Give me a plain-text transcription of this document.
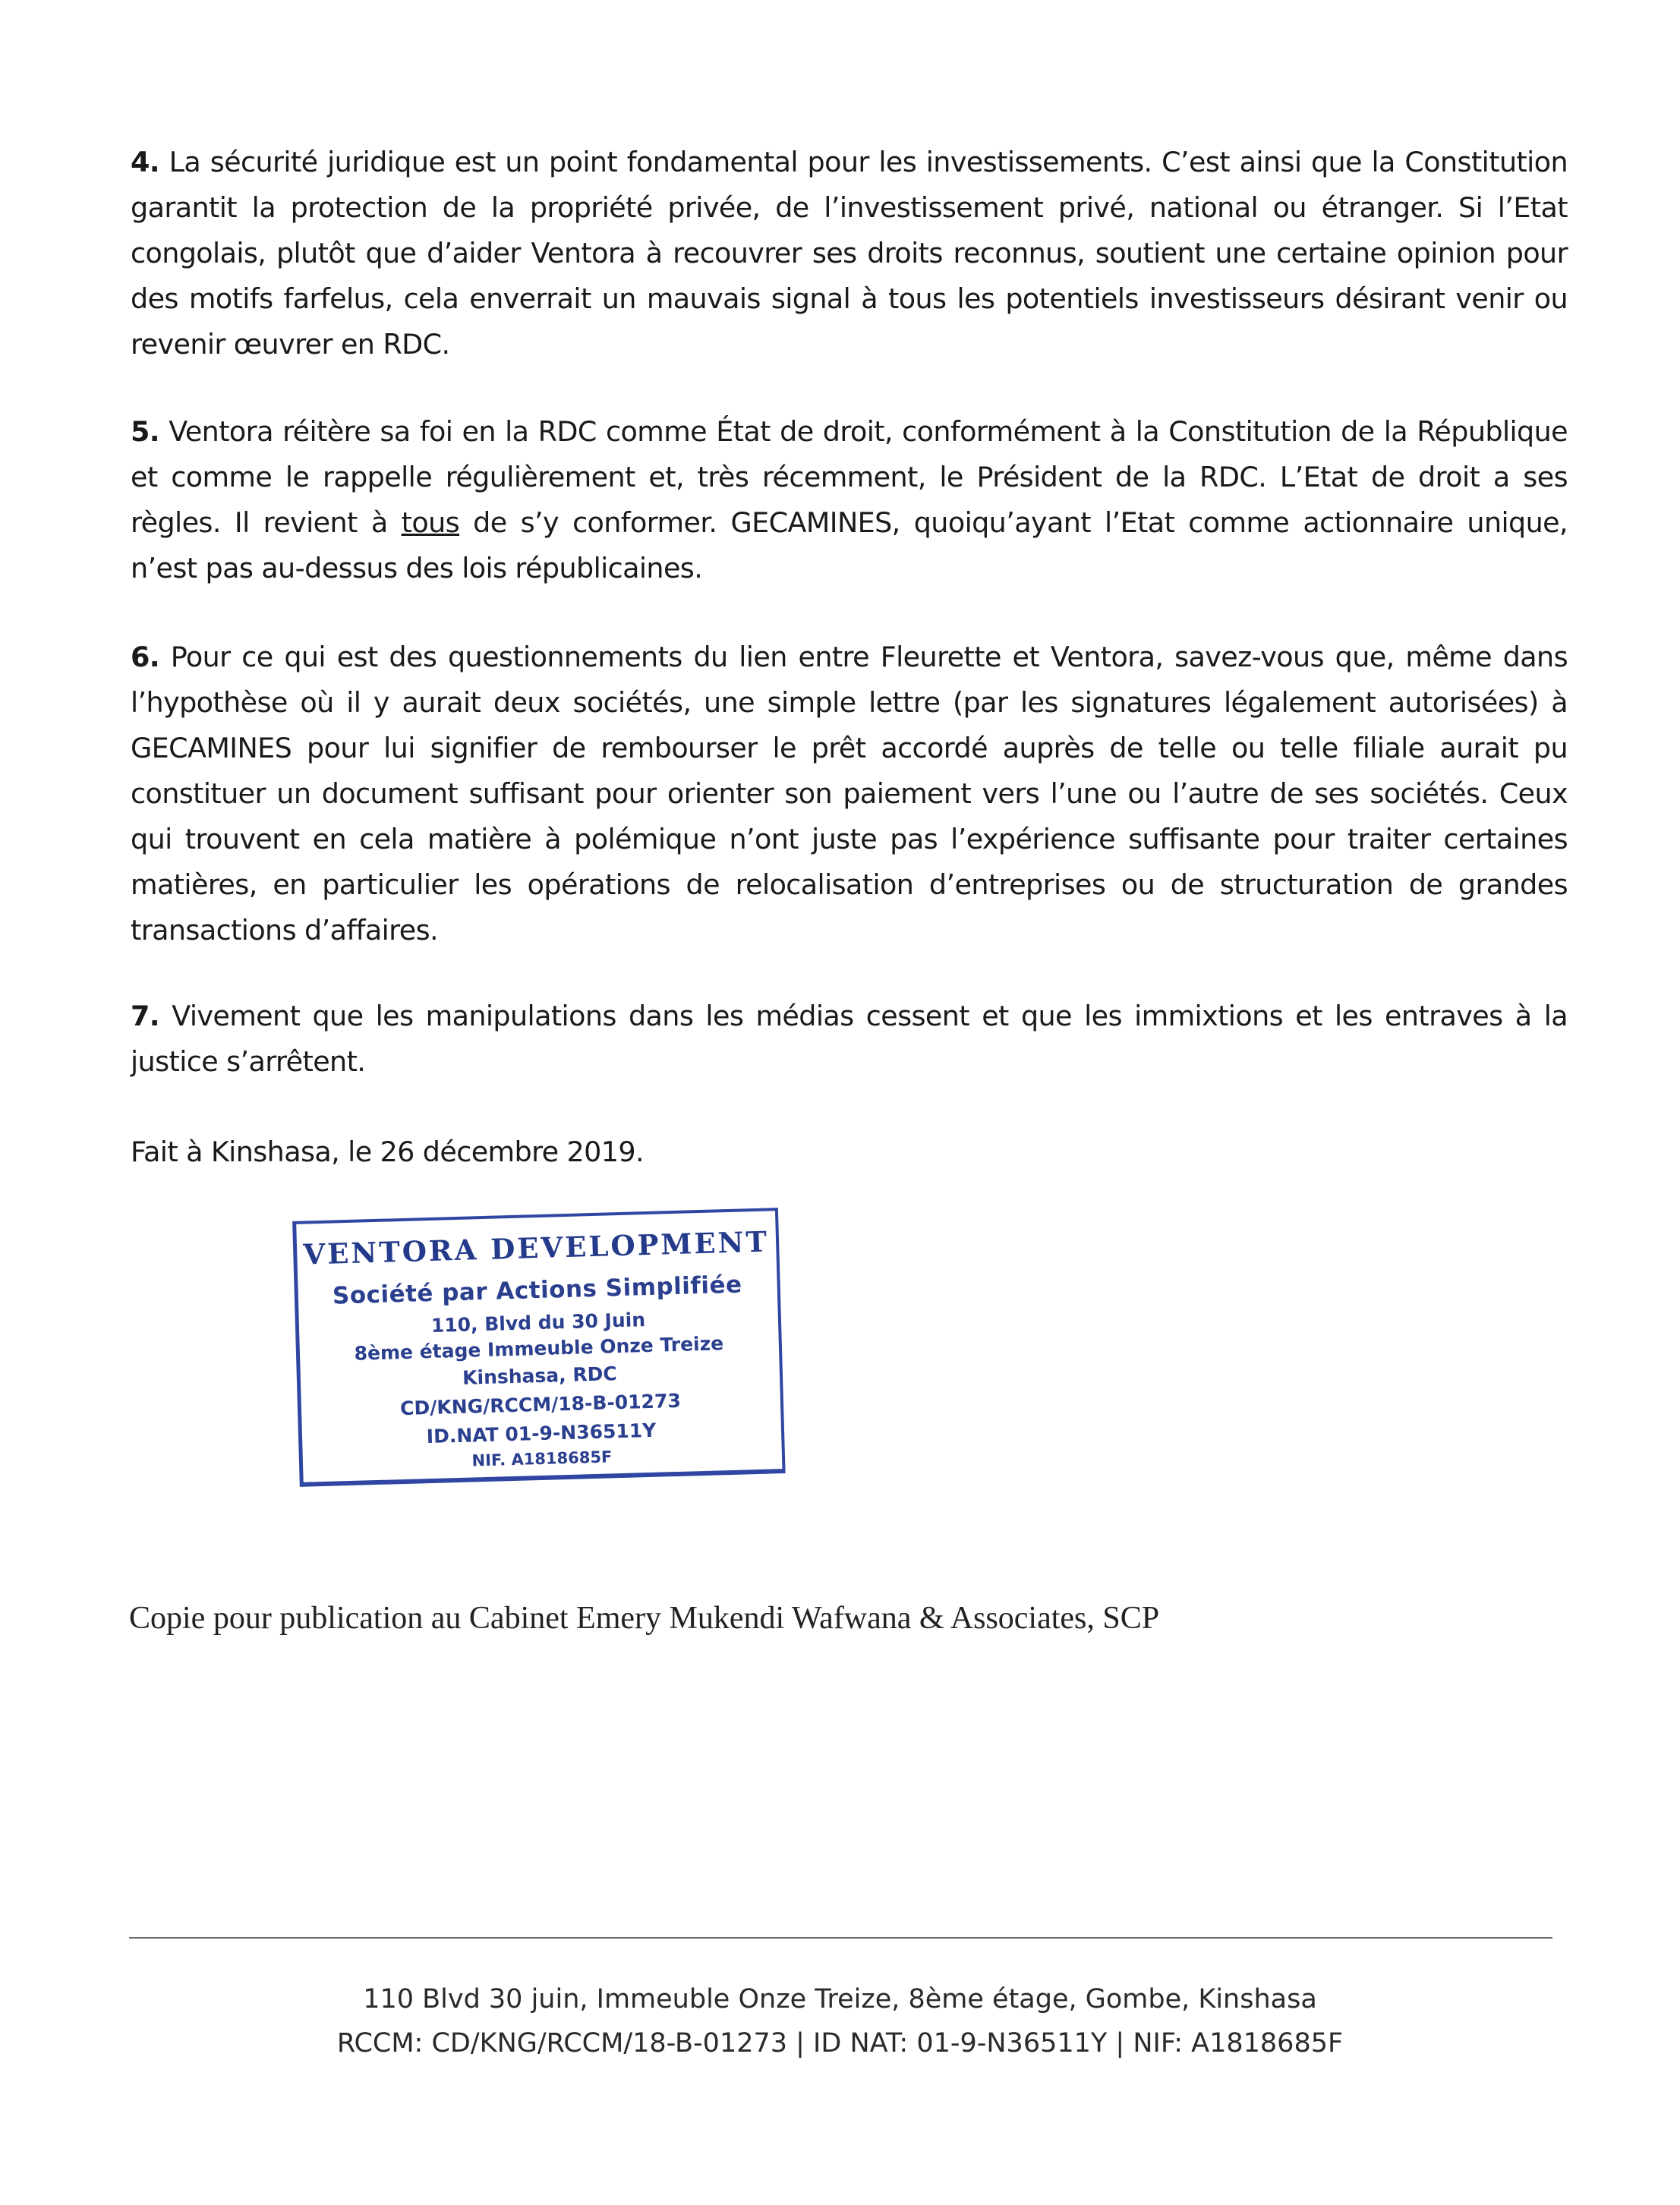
4. La sécurité juridique est un point fondamental pour les investissements. C’est ainsi que la Constitution garantit la protection de la propriété privée, de l’investissement privé, national ou étranger. Si l’Etat congolais, plutôt que d’aider Ventora à recouvrer ses droits reconnus, soutient une certaine opinion pour des motifs farfelus, cela enverrait un mauvais signal à tous les potentiels investisseurs désirant venir ou revenir œuvrer en RDC.

5. Ventora réitère sa foi en la RDC comme État de droit, conformément à la Constitution de la République et comme le rappelle régulièrement et, très récemment, le Président de la RDC. L’Etat de droit a ses règles. Il revient à tous de s’y conformer. GECAMINES, quoiqu’ayant l’Etat comme actionnaire unique, n’est pas au-dessus des lois républicaines.

6. Pour ce qui est des questionnements du lien entre Fleurette et Ventora, savez-vous que, même dans l’hypothèse où il y aurait deux sociétés, une simple lettre (par les signatures légalement autorisées) à GECAMINES pour lui signifier de rembourser le prêt accordé auprès de telle ou telle filiale aurait pu constituer un document suffisant pour orienter son paiement vers l’une ou l’autre de ses sociétés. Ceux qui trouvent en cela matière à polémique n’ont juste pas l’expérience suffisante pour traiter certaines matières, en particulier les opérations de relocalisation d’entreprises ou de structuration de grandes transactions d’affaires.

7. Vivement que les manipulations dans les médias cessent et que les immixtions et les entraves à la justice s’arrêtent.

Fait à Kinshasa, le 26 décembre 2019.

VENTORA DEVELOPMENT
Société par Actions Simplifiée
110, Blvd du 30 Juin
8ème étage Immeuble Onze Treize
Kinshasa, RDC
CD/KNG/RCCM/18-B-01273
ID.NAT 01-9-N36511Y
NIF. A1818685F

Copie pour publication au Cabinet Emery Mukendi Wafwana & Associates, SCP

110 Blvd 30 juin, Immeuble Onze Treize, 8ème étage, Gombe, Kinshasa

RCCM: CD/KNG/RCCM/18-B-01273 | ID NAT: 01-9-N36511Y | NIF: A1818685F
